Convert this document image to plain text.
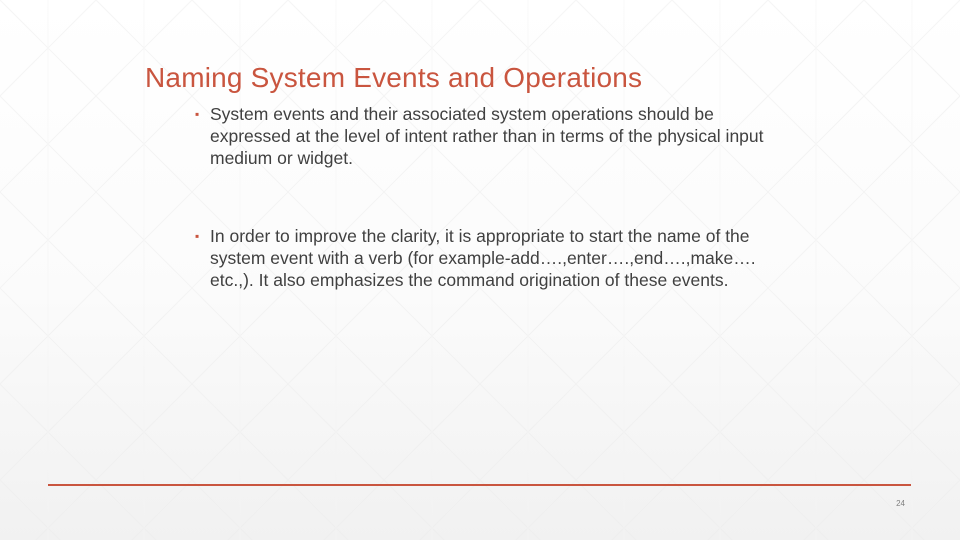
Naming System Events and Operations
▪ System events and their associated system operations should be expressed at the level of intent rather than in terms of the physical input medium or widget.
▪ In order to improve the clarity, it is appropriate to start the name of the system event with a verb (for example-add….,enter….,end….,make…. etc.,). It also emphasizes the command origination of these events.
24
